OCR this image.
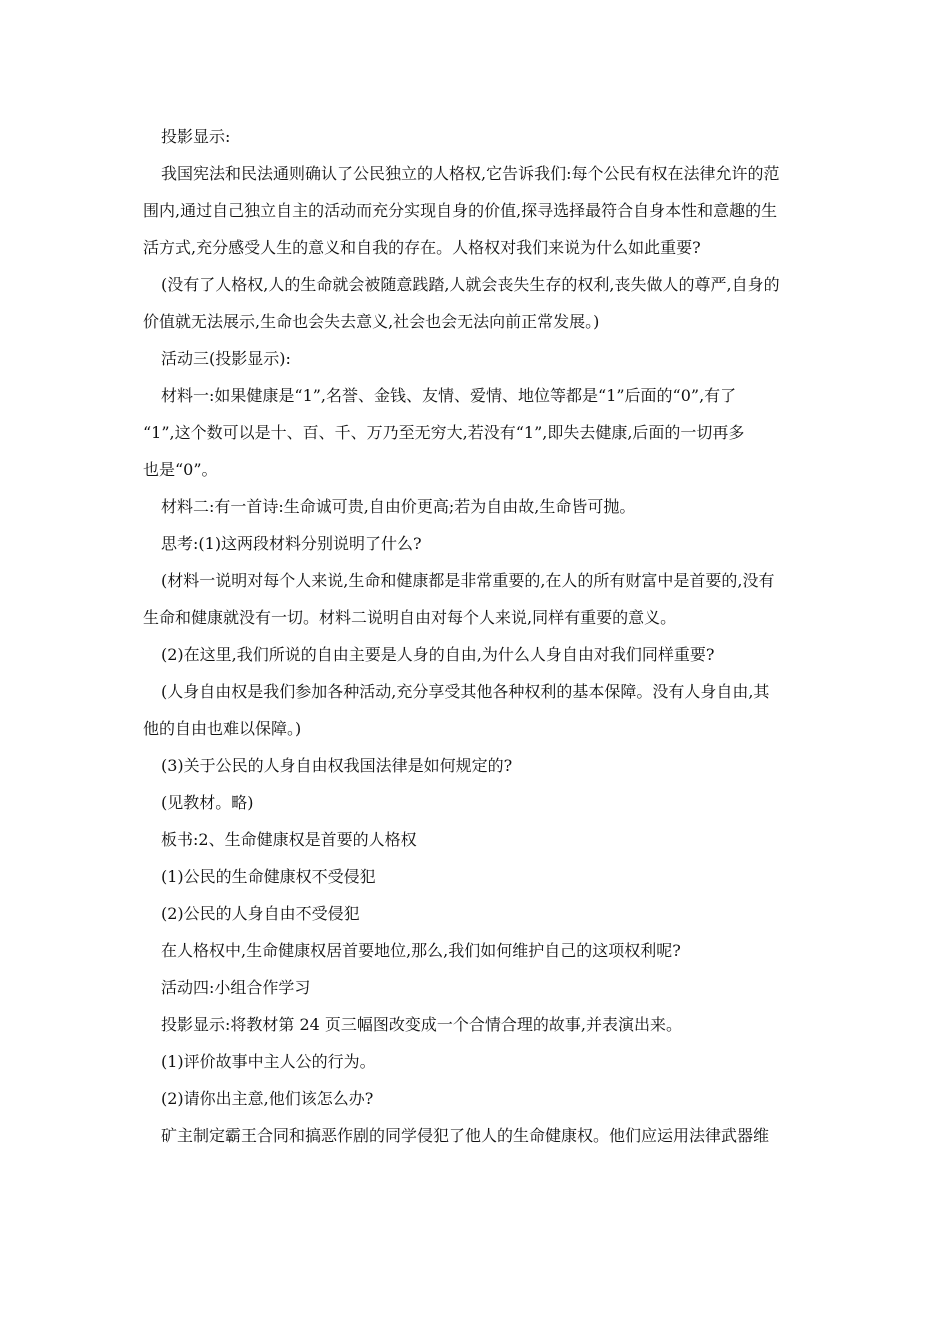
投影显示:
我国宪法和民法通则确认了公民独立的人格权,它告诉我们:每个公民有权在法律允许的范
围内,通过自己独立自主的活动而充分实现自身的价值,探寻选择最符合自身本性和意趣的生
活方式,充分感受人生的意义和自我的存在。人格权对我们来说为什么如此重要?
(没有了人格权,人的生命就会被随意践踏,人就会丧失生存的权利,丧失做人的尊严,自身的
价值就无法展示,生命也会失去意义,社会也会无法向前正常发展。)
活动三(投影显示):
材料一:如果健康是“1”,名誉、金钱、友情、爱情、地位等都是“1”后面的“0”,有了
“1”,这个数可以是十、百、千、万乃至无穷大,若没有“1”,即失去健康,后面的一切再多
也是“0”。
材料二:有一首诗:生命诚可贵,自由价更高;若为自由故,生命皆可抛。
思考:(1)这两段材料分别说明了什么?
(材料一说明对每个人来说,生命和健康都是非常重要的,在人的所有财富中是首要的,没有
生命和健康就没有一切。材料二说明自由对每个人来说,同样有重要的意义。
(2)在这里,我们所说的自由主要是人身的自由,为什么人身自由对我们同样重要?
(人身自由权是我们参加各种活动,充分享受其他各种权利的基本保障。没有人身自由,其
他的自由也难以保障。)
(3)关于公民的人身自由权我国法律是如何规定的?
(见教材。略)
板书:2、生命健康权是首要的人格权
(1)公民的生命健康权不受侵犯
(2)公民的人身自由不受侵犯
在人格权中,生命健康权居首要地位,那么,我们如何维护自己的这项权利呢?
活动四:小组合作学习
投影显示:将教材第 24 页三幅图改变成一个合情合理的故事,并表演出来。
(1)评价故事中主人公的行为。
(2)请你出主意,他们该怎么办?
矿主制定霸王合同和搞恶作剧的同学侵犯了他人的生命健康权。他们应运用法律武器维
